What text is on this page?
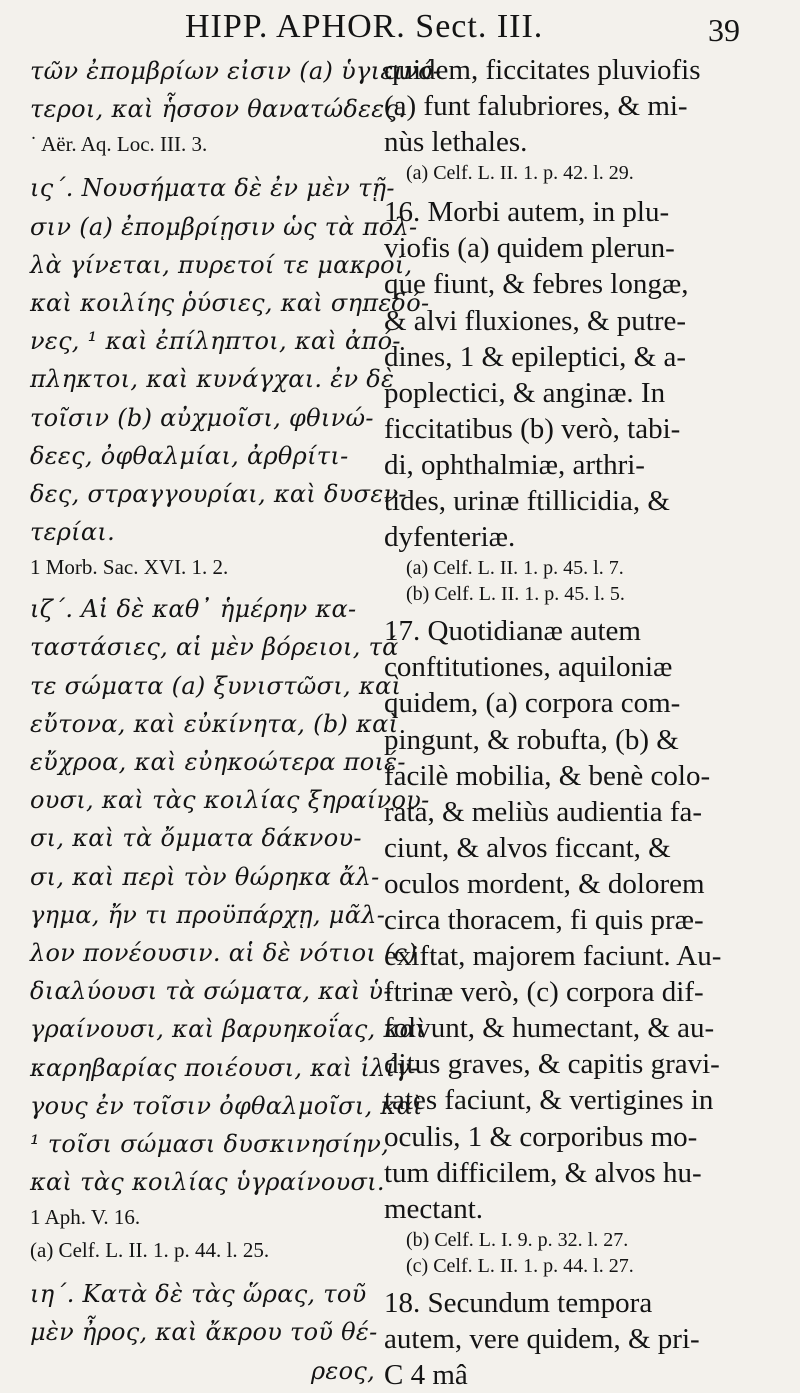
HIPP. APHOR. Sect. III.	39
τῶν ἐπομβρίων εἰσιν (a) ὑγιεινό-
τεροι, καὶ ἧσσον θανατώδεες.
˙ Aër. Aq. Loc. III. 3.
ις΄. Νουσήματα δὲ ἐν μὲν τῇ-
σιν (a) ἐπομβρίῃσιν ὡς τὰ πολ-
λὰ γίνεται, πυρετοί τε μακροί,
καὶ κοιλίης ῥύσιες, καὶ σηπεδό-
νες, ¹ καὶ ἐπίληπτοι, καὶ ἀπό-
πληκτοι, καὶ κυνάγχαι. ἐν δὲ
τοῖσιν (b) αὐχμοῖσι, φθινώ-
δεες, ὀφθαλμίαι, ἀρθρίτι-
δες, στραγγουρίαι, καὶ δυσεν-
τερίαι.
1 Morb. Sac. XVI. 1. 2.
ιζ΄. Αἱ δὲ καθ᾽ ἡμέρην κα-
ταστάσιες, αἱ μὲν βόρειοι, τά
τε σώματα (a) ξυνιστῶσι, καὶ
εὔτονα, καὶ εὐκίνητα, (b) καὶ
εὔχροα, καὶ εὐηκοώτερα ποιέ-
ουσι, καὶ τὰς κοιλίας ξηραίνου-
σι, καὶ τὰ ὄμματα δάκνου-
σι, καὶ περὶ τὸν θώρηκα ἄλ-
γημα, ἤν τι προϋπάρχῃ, μᾶλ-
λον πονέουσιν. αἱ δὲ νότιοι (c)
διαλύουσι τὰ σώματα, καὶ ὑ-
γραίνουσι, καὶ βαρυηκοΐας, καὶ
καρηβαρίας ποιέουσι, καὶ ἰλίγ-
γους ἐν τοῖσιν ὀφθαλμοῖσι, καὶ
¹ τοῖσι σώμασι δυσκινησίην,
καὶ τὰς κοιλίας ὑγραίνουσι.
1 Aph. V. 16.
(a) Celf. L. II. 1. p. 44. l. 25.
ιη΄. Κατὰ δὲ τὰς ὥρας, τοῦ
μὲν ἦρος, καὶ ἄκρου τοῦ θέ-
ρεος,
quidem, ficcitates pluviofis
(a) funt falubriores, & mi-
nùs lethales.
(a) Celf. L. II. 1. p. 42. l. 29.
16. Morbi autem, in plu-
viofis (a) quidem plerun-
que fiunt, & febres longæ,
& alvi fluxiones, & putre-
dines, 1 & epileptici, & a-
poplectici, & anginæ. In
ficcitatibus (b) verò, tabi-
di, ophthalmiæ, arthri-
tides, urinæ ftillicidia, &
dyfenteriæ.
(a) Celf. L. II. 1. p. 45. l. 7.
(b) Celf. L. II. 1. p. 45. l. 5.
17. Quotidianæ autem
conftitutiones, aquiloniæ
quidem, (a) corpora com-
pingunt, & robufta, (b) &
facilè mobilia, & benè colo-
rata, & meliùs audientia fa-
ciunt, & alvos ficcant, &
oculos mordent, & dolorem
circa thoracem, fi quis præ-
exiftat, majorem faciunt. Au-
ftrinæ verò, (c) corpora dif-
folvunt, & humectant, & au-
ditus graves, & capitis gravi-
tates faciunt, & vertigines in
oculis, 1 & corporibus mo-
tum difficilem, & alvos hu-
mectant.
(b) Celf. L. I. 9. p. 32. l. 27.
(c) Celf. L. II. 1. p. 44. l. 27.
18. Secundum tempora
autem, vere quidem, & pri-
C 4 mâ
